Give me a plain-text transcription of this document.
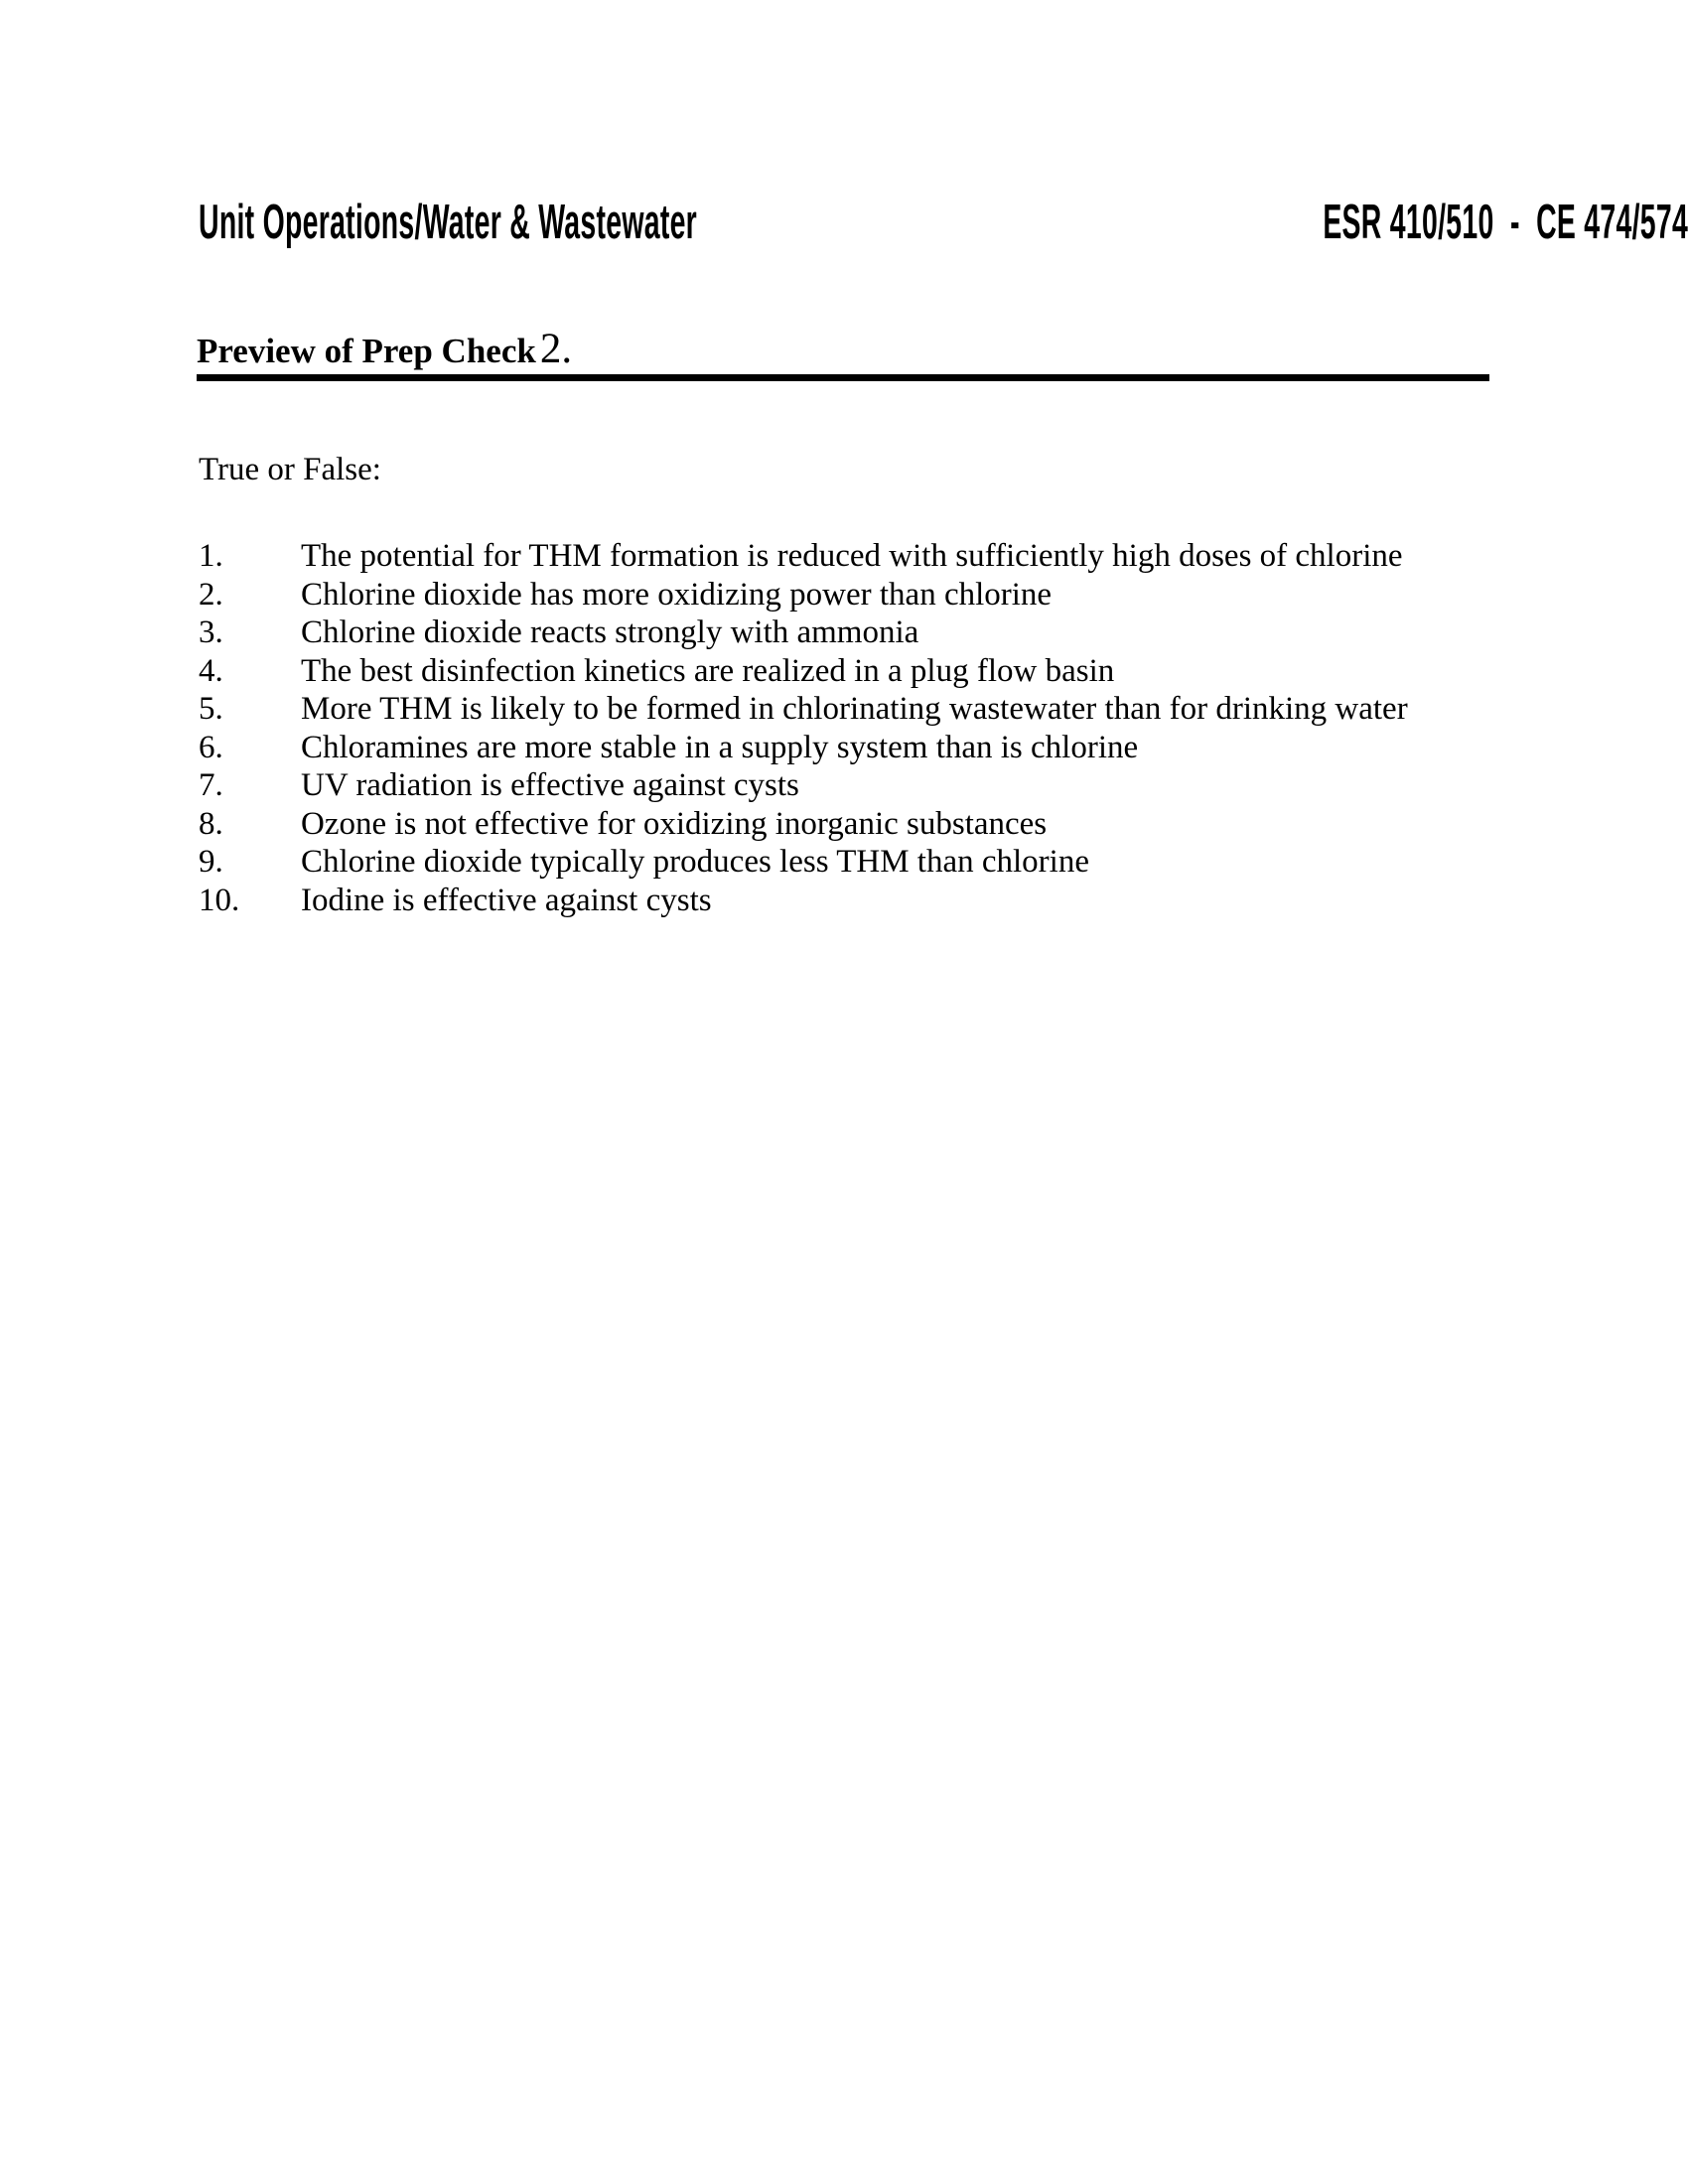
Unit Operations/Water & Wastewater	ESR 410/510  -  CE 474/574
Preview of Prep Check 2.
True or False:
1.	The potential for THM formation is reduced with sufficiently high doses of chlorine
2.	Chlorine dioxide has more oxidizing power than chlorine
3.	Chlorine dioxide reacts strongly with ammonia
4.	The best disinfection kinetics are realized in a plug flow basin
5.	More THM is likely to be formed in chlorinating wastewater than for drinking water
6.	Chloramines are more stable in a supply system than is chlorine
7.	UV radiation is effective against cysts
8.	Ozone is not effective for oxidizing inorganic substances
9.	Chlorine dioxide typically produces less THM than chlorine
10.	Iodine is effective against cysts
